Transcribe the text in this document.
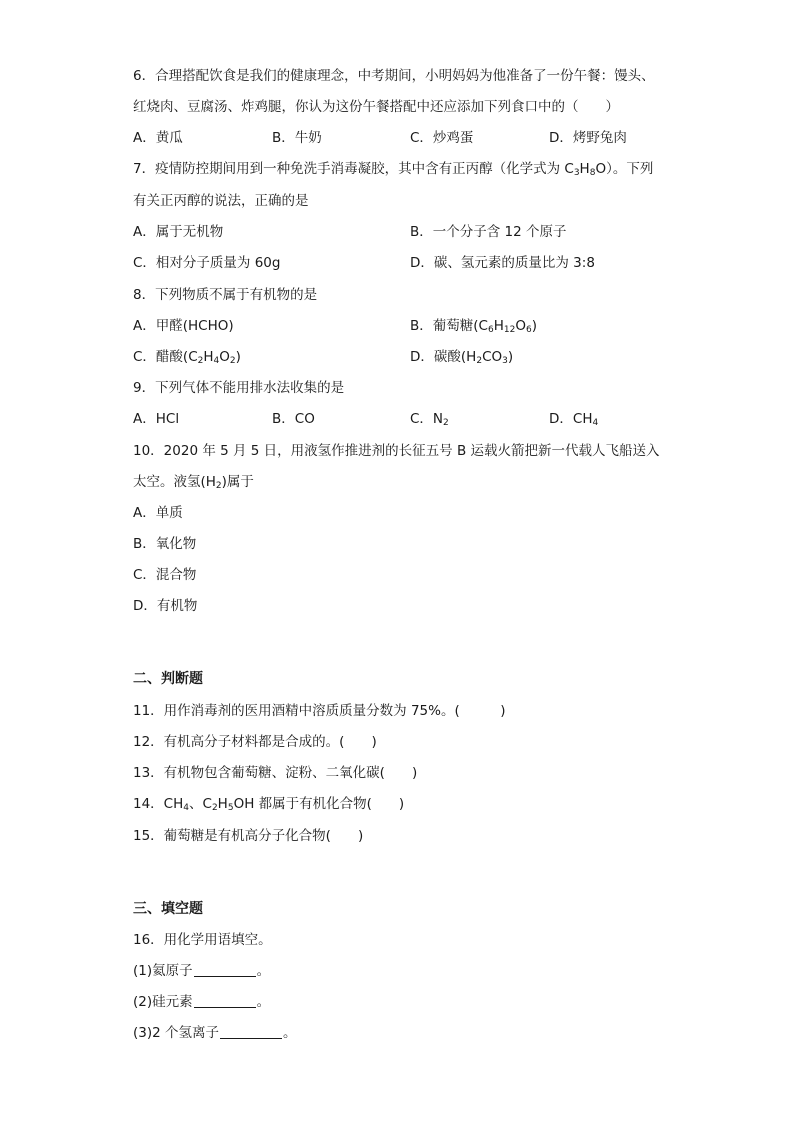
6．合理搭配饮食是我们的健康理念，中考期间，小明妈妈为他准备了一份午餐：馒头、
红烧肉、豆腐汤、炸鸡腿，你认为这份午餐搭配中还应添加下列食口中的（　　）
A．黄瓜	B．牛奶	C．炒鸡蛋	D．烤野兔肉
7．疫情防控期间用到一种免洗手消毒凝胶，其中含有正丙醇（化学式为 $C_3H_8O$）。下列
有关正丙醇的说法，正确的是
A．属于无机物	B．一个分子含 12 个原子
C．相对分子质量为 60g	D．碳、氢元素的质量比为 3:8
8．下列物质不属于有机物的是
A．甲醛(HCHO)	B．葡萄糖$(C_6H_{12}O_6)$
C．醋酸$(C_2H_4O_2)$	D．碳酸$(H_2CO_3)$
9．下列气体不能用排水法收集的是
A．HCl	B．CO	C．$N_2$	D．$CH_4$
10．2020 年 5 月 5 日，用液氢作推进剂的长征五号 B 运载火箭把新一代载人飞船送入
太空。液氢$(H_2)$属于
A．单质
B．氧化物
C．混合物
D．有机物
二、判断题
11．用作消毒剂的医用酒精中溶质质量分数为 75%。(　　　)
12．有机高分子材料都是合成的。(　　)
13．有机物包含葡萄糖、淀粉、二氧化碳(　　)
14．$CH_4$、$C_2H_5OH$ 都属于有机化合物(　　)
15．葡萄糖是有机高分子化合物(　　)
三、填空题
16．用化学用语填空。
(1)氦原子	。
(2)硅元素	。
(3)2 个氢离子	。
